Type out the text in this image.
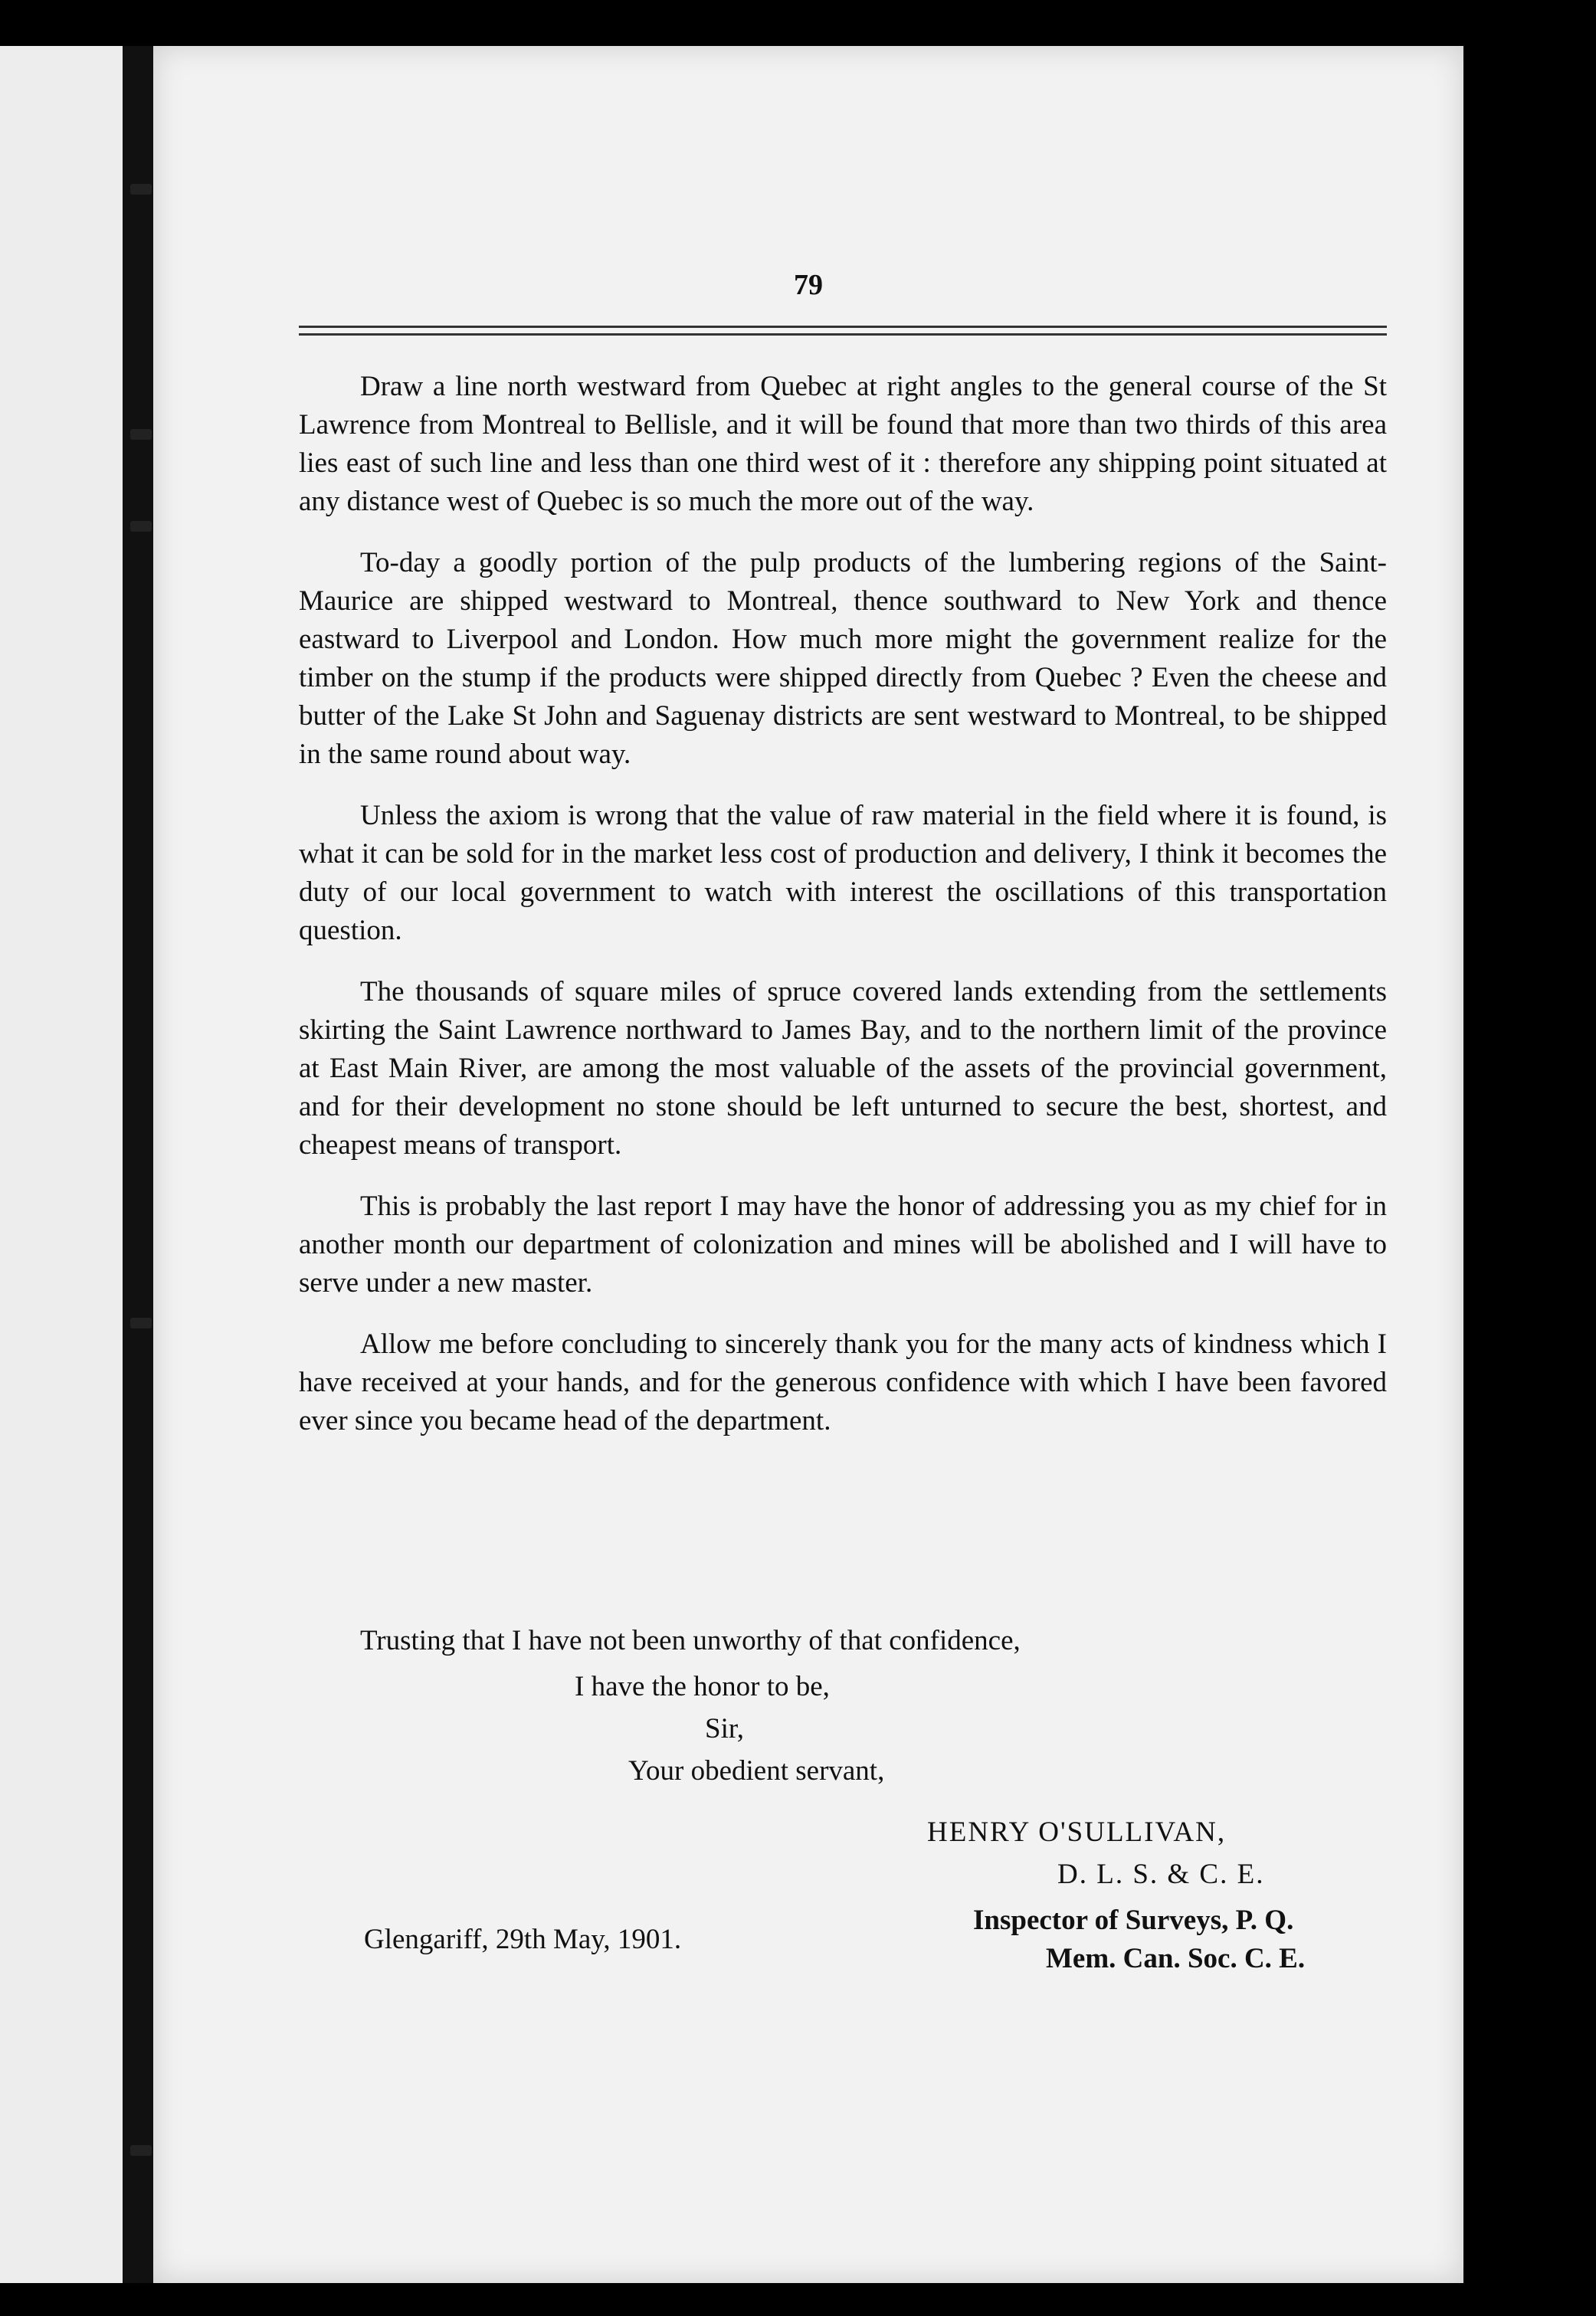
79

Draw a line north westward from Quebec at right angles to the general course of the St Lawrence from Montreal to Bellisle, and it will be found that more than two thirds of this area lies east of such line and less than one third west of it : therefore any shipping point situated at any distance west of Quebec is so much the more out of the way.

To-day a goodly portion of the pulp products of the lumbering regions of the Saint-Maurice are shipped westward to Montreal, thence southward to New York and thence eastward to Liverpool and London. How much more might the government realize for the timber on the stump if the products were shipped directly from Quebec ? Even the cheese and butter of the Lake St John and Saguenay districts are sent westward to Montreal, to be shipped in the same round about way.

Unless the axiom is wrong that the value of raw material in the field where it is found, is what it can be sold for in the market less cost of production and delivery, I think it becomes the duty of our local government to watch with interest the oscillations of this transportation question.

The thousands of square miles of spruce covered lands extending from the settlements skirting the Saint Lawrence northward to James Bay, and to the northern limit of the province at East Main River, are among the most valuable of the assets of the provincial government, and for their development no stone should be left unturned to secure the best, shortest, and cheapest means of transport.

This is probably the last report I may have the honor of addressing you as my chief for in another month our department of colonization and mines will be abolished and I will have to serve under a new master.

Allow me before concluding to sincerely thank you for the many acts of kindness which I have received at your hands, and for the generous confidence with which I have been favored ever since you became head of the department.

Trusting that I have not been unworthy of that confidence,
I have the honor to be,
Sir,
Your obedient servant,
HENRY O'SULLIVAN,
D. L. S. & C. E.
Inspector of Surveys, P. Q.
Mem. Can. Soc. C. E.
Glengariff, 29th May, 1901.
